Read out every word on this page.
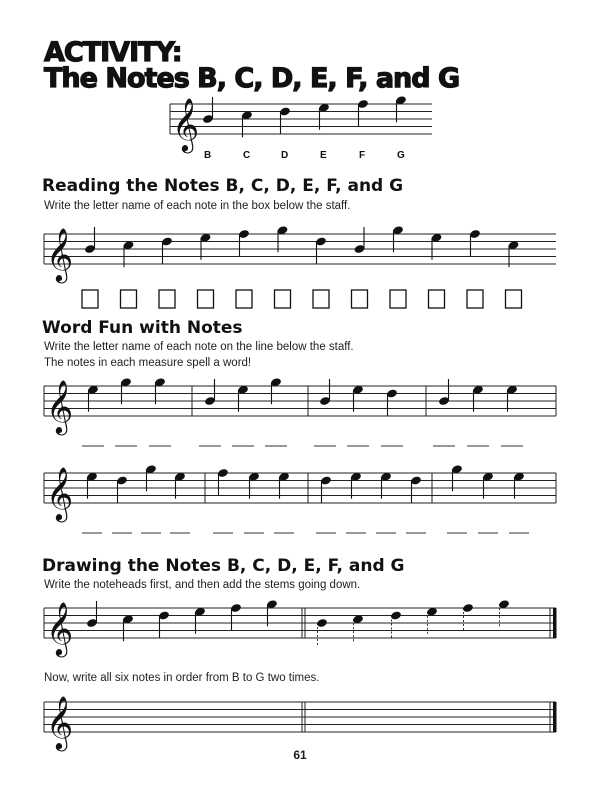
ACTIVITY:
The Notes B, C, D, E, F, and G
𝄞
B	C	D	E	F	G
Reading the Notes B, C, D, E, F, and G
Write the letter name of each note in the box below the staff.
𝄞
Word Fun with Notes
Write the letter name of each note on the line below the staff. The notes in each measure spell a word!
𝄞
𝄞
Drawing the Notes B, C, D, E, F, and G
Write the noteheads first, and then add the stems going down.
𝄞
Now, write all six notes in order from B to G two times.
𝄞
61
